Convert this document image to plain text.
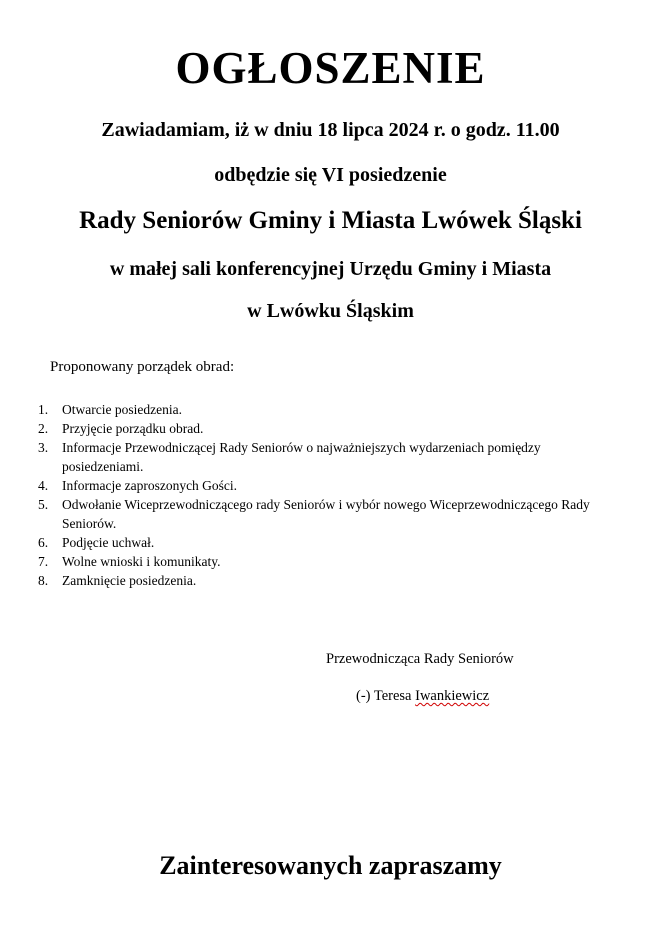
OGŁOSZENIE
Zawiadamiam, iż w dniu 18 lipca 2024 r. o godz. 11.00
odbędzie się VI posiedzenie
Rady Seniorów Gminy i Miasta Lwówek Śląski
w małej sali konferencyjnej Urzędu Gminy i Miasta
w Lwówku Śląskim
Proponowany porządek obrad:
1. Otwarcie posiedzenia.
2. Przyjęcie porządku obrad.
3. Informacje Przewodniczącej Rady Seniorów o najważniejszych wydarzeniach pomiędzy posiedzeniami.
4. Informacje zaproszonych Gości.
5. Odwołanie Wiceprzewodniczącego rady Seniorów i wybór nowego Wiceprzewodniczącego Rady Seniorów.
6. Podjęcie uchwał.
7. Wolne wnioski i komunikaty.
8. Zamknięcie posiedzenia.
Przewodnicząca Rady Seniorów
(-) Teresa Iwankiewicz
Zainteresowanych zapraszamy
